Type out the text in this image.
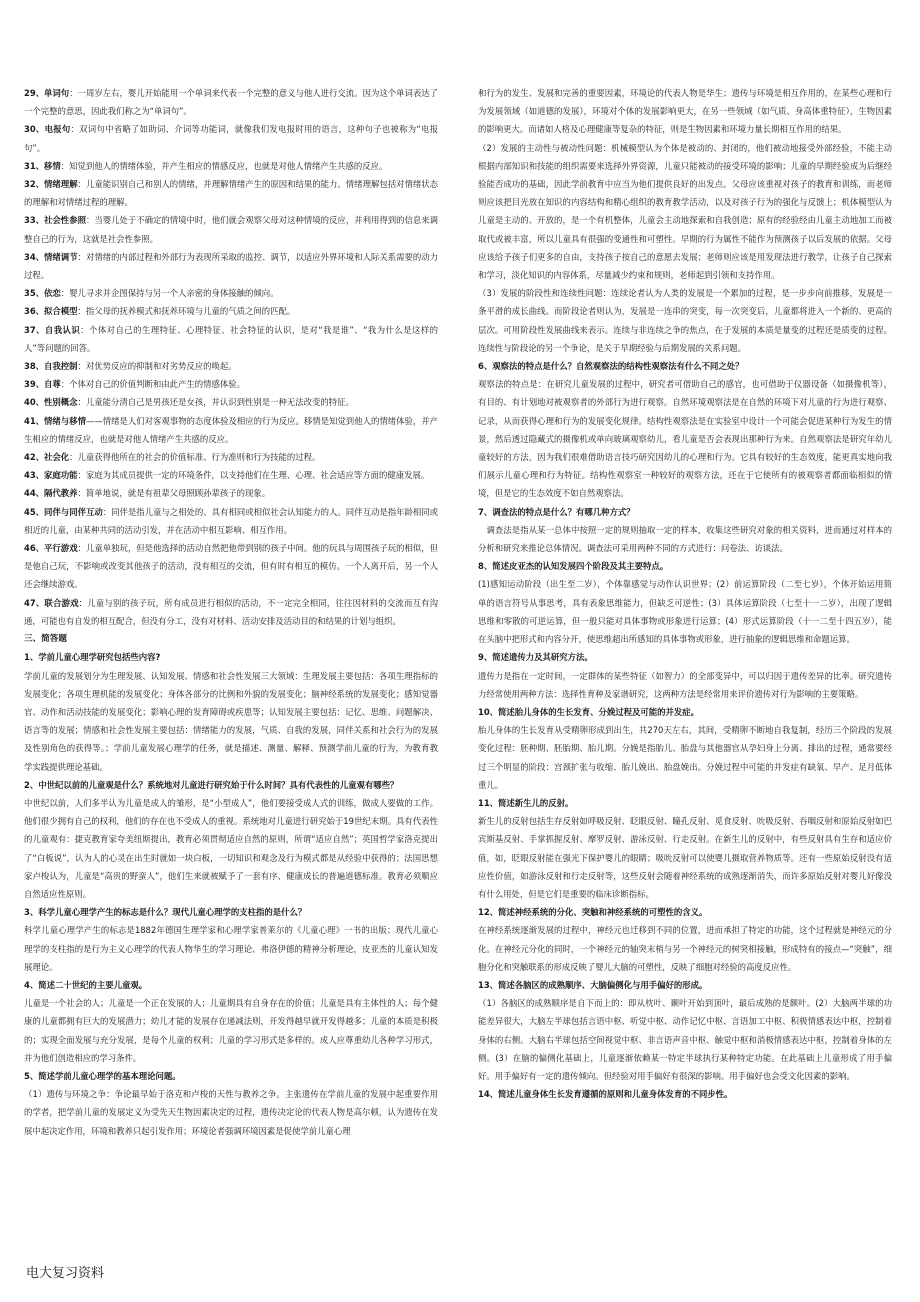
29、单词句：一周岁左右，婴儿开始能用一个单词来代表一个完整的意义与他人进行交流。因为这个单词表达了一个完整的意思，因此我们称之为“单词句”。

30、电报句：双词句中省略了如助词、介词等功能词，就像我们发电报时用的语言，这种句子也被称为“电报句”。

31、移情：知觉到他人的情绪体验，并产生相应的情感反应，也就是对他人情绪产生共感的反应。

32、情绪理解：儿童能识别自己和别人的情绪，并理解情绪产生的原因和结果的能力。情绪理解包括对情绪状态的理解和对情绪过程的理解。

33、社会性参照：当婴儿处于不确定的情境中时，他们就会观察父母对这种情境的反应，并利用得到的信息来调整自己的行为，这就是社会性参照。

34、情绪调节：对情绪的内部过程和外部行为表现所采取的监控、调节，以适应外界环境和人际关系需要的动力过程。

35、依恋：婴儿寻求并企图保持与另一个人亲密的身体接触的倾向。

36、拟合模型：指父母的抚养模式和抚养环境与儿童的气质之间的匹配。

37、自我认识：个体对自己的生理特征、心理特征、社会特征的认识，是对“我是谁”、“我为什么是这样的人”等问题的回答。

38、自我控制：对优势反应的抑制和对劣势反应的唤起。

39、自尊：个体对自己的价值判断和由此产生的情感体验。

40、性别概念：儿童能分清自己是男孩还是女孩，并认识到性别是一种无法改变的特征。

41、情绪与移情——情绪是人们对客观事物的态度体验及相应的行为反应。移情是知觉到他人的情绪体验，并产生相应的情绪反应，也就是对他人情绪产生共感的反应。

42、社会化：儿童获得他所在的社会的价值标准、行为准则和行为技能的过程。

43、家庭功能：家庭为其成员提供一定的环境条件，以支持他们在生理、心理、社会适应等方面的健康发展。

44、隔代教养：简单地说，就是有祖辈父母照顾孙辈孩子的现象。

45、同伴与同伴互动：同伴是指儿童与之相处的、具有相同或相似社会认知能力的人。同伴互动是指年龄相同或相近的儿童，由某种共同的活动引发，并在活动中相互影响、相互作用。

46、平行游戏：儿童单独玩，但是他选择的活动自然把他带到别的孩子中间。他的玩具与周围孩子玩的相似，但是他自己玩，不影响或改变其他孩子的活动，没有相互的交流，但有时有相互的模仿。一个人离开后，另一个人还会继续游戏。

47、联合游戏：儿童与别的孩子玩，所有成员进行相似的活动，不一定完全相同，往往因材料的交流而互有沟通，可能也有自发的相互配合，但没有分工，没有对材料、活动安排及活动目的和结果的计划与组织。

三、简答题

1、学前儿童心理学研究包括些内容?

学前儿童的发展划分为生理发展、认知发展、情感和社会性发展三大领域：生理发展主要包括：各项生理指标的发展变化；各项生理机能的发展变化；身体各部分的比例和外貌的发展变化；脑神经系统的发展变化；感知觉器官、动作和活动技能的发展变化；影响心理的发育障碍或疾患等；认知发展主要包括：记忆、思维、问题解决、语言等的发展；情感和社会性发展主要包括：情绪能力的发展，气质、自我的发展，同伴关系和社会行为的发展及性别角色的获得等。；学前儿童发展心理学的任务，就是描述、测量、解释、预测学前儿童的行为，为教育教学实践提供理论基础。

2、中世纪以前的儿童观是什么？系统地对儿童进行研究始于什么时间？具有代表性的儿童观有哪些？

中世纪以前，人们多半认为儿童是成人的雏形，是“小型成人”，他们要接受成人式的训练，做成人要做的工作。他们很少拥有自己的权利，他们的存在也不受成人的重视。系统地对儿童进行研究始于19世纪末期。具有代表性的儿童观有：捷克教育家夸美纽斯提出，教育必须贯彻适应自然的原则，所谓“适应自然”；英国哲学家洛克提出了“白板说”，认为人的心灵在出生时就如一块白板，一切知识和观念及行为模式都是从经验中获得的；法国思想家卢梭认为，儿童是“高贵的野蛮人”，他们生来就被赋予了一套有序、健康成长的普遍道德标准。教育必须顺应自然适应性原则。

3、科学儿童心理学产生的标志是什么？现代儿童心理学的支柱指的是什么？

科学儿童心理学产生的标志是1882年德国生理学家和心理学家普莱尔的《儿童心理》一书的出版；现代儿童心理学的支柱指的是行为主义心理学的代表人物华生的学习理论、弗洛伊德的精神分析理论，皮亚杰的儿童认知发展理论。

4、简述二十世纪的主要儿童观。

儿童是一个社会的人；儿童是一个正在发展的人；儿童期具有自身存在的价值；儿童是具有主体性的人；每个健康的儿童都拥有巨大的发展潜力；幼儿才能的发展存在递减法则，开发得越早就开发得越多；儿童的本质是积极的；实现全面发展与充分发展，是每个儿童的权利；儿童的学习形式是多样的。成人应尊重幼儿各种学习形式，并为他们创造相应的学习条件。

5、简述学前儿童心理学的基本理论问题。

（1）遗传与环境之争：争论最早始于洛克和卢梭的天性与教养之争。主张遗传在学前儿童的发展中起重要作用的学者，把学前儿童的发展定义为受先天生物因素决定的过程，遗传决定论的代表人物是高尔顿，认为遗传在发展中起决定作用，环境和教养只起引发作用；环境论者强调环境因素是促使学前儿童心理

和行为的发生、发展和完善的重要因素，环境论的代表人物是华生；遗传与环境是相互作用的，在某些心理和行为发展领域（如道德的发展），环境对个体的发展影响更大，在另一些领域（如气质、身高体重特征），生物因素的影响更大。而诸如人格及心理健康等复杂的特征，则是生物因素和环境力量长期相互作用的结果。

（2）发展的主动性与被动性问题：机械模型认为个体是被动的、封闭的，他们被动地接受外部经验，不能主动根据内部知识和技能的组织需要来选择外界资源，儿童只能被动的接受环境的影响；儿童的早期经验成为后继经验能否成功的基础，因此学前教育中应当为他们提供良好的出发点。父母应该重视对孩子的教育和训练，而老师则应该把目光放在知识的内容结构和精心组织的教育教学活动，以及对孩子行为的强化与反馈上；机体模型认为儿童是主动的、开放的，是一个有机整体，儿童会主动地探索和自我创造；原有的经验经由儿童主动地加工而被取代或被丰富，所以儿童具有很强的变通性和可塑性。早期的行为属性不能作为预测孩子以后发展的依据。父母应该给予孩子们更多的自由，支持孩子按自己的意愿去发展；老师则应该是用发现法进行教学，让孩子自己探索和学习，淡化知识的内容体系，尽量减少约束和规则，老师起到引领和支持作用。

（3）发展的阶段性和连续性问题：连续论者认为人类的发展是一个累加的过程，是一步步向前推移，发展是一条平滑的成长曲线。而阶段论者则认为，发展是一连串的突变，每一次突变后，儿童都将进入一个新的、更高的层次。可用阶段性发展曲线来表示。连续与非连续之争的焦点，在于发展的本质是量变的过程还是质变的过程。连续性与阶段论的另一个争论，是关于早期经验与后期发展的关系问题。

6、观察法的特点是什么？自然观察法的结构性观察法有什么不同之处？

观察法的特点是：在研究儿童发展的过程中，研究者可借助自己的感官，也可借助于仪器设备（如摄像机等），有目的、有计划地对被观察者的外部行为进行观察。自然环境观察法是在自然的环境下对儿童的行为进行观察、记录，从而获得心理和行为的发展变化规律。结构性观察法是在实验室中设计一个可能会促进某种行为发生的情景，然后透过隐藏式的摄像机或单向玻璃观察幼儿，看儿童是否会表现出那种行为来。自然观察法是研究年幼儿童较好的方法，因为我们很难借助语言技巧研究因幼儿的心理和行为。它具有较好的生态效度，能更真实地向我们展示儿童心理和行为特征。结构性观察室一种较好的观察方法，还在于它使所有的被观察者都面临相似的情境，但是它的生态效度不如自然观察法。

7、调查法的特点是什么？有哪几种方式？

　调查法是指从某一总体中按照一定的规则抽取一定的样本，收集这些研究对象的相关资料，进而通过对样本的分析和研究来推论总体情况。调查法可采用两种不同的方式进行：问卷法、访谈法。

8、简述皮亚杰的认知发展四个阶段及其主要特点。

(1)感知运动阶段（出生至二岁），个体靠感觉与动作认识世界；(2）前运算阶段（二至七岁），个体开始运用简单的语言符号从事思考，具有表象思维能力，但缺乏可逆性；(3）具体运算阶段（七至十一二岁），出现了逻辑思维和零散的可逆运算，但一般只能对具体事物或形象进行运算；(4）形式运算阶段（十一二至十四五岁），能在头脑中把形式和内容分开，使思维超出所感知的具体事物或形象，进行抽象的逻辑思维和命题运算。

9、简述遗传力及其研究方法。

遗传力是指在一定时间，一定群体的某些特征（如智力）的全部变异中，可以归因于遗传差异的比率。研究遗传力经常使用两种方法：选择性育种及家谱研究，这两种方法是经常用来评价遗传对行为影响的主要策略。

10、简述胎儿身体的生长发育、分娩过程及可能的并发症。

胎儿身体的生长发育从受精卵形成到出生，共270天左右，其间，受精卵不断地自我复制，经历三个阶段的发展变化过程：胚种期、胚胎期、胎儿期。分娩是指胎儿、胎盘与其他器官从孕妇身上分离、排出的过程，通常要经过三个明显的阶段：宫颈扩张与收缩、胎儿娩出、胎盘娩出。分娩过程中可能的并发症有缺氧、早产、足月低体重儿。

11、简述新生儿的反射。

新生儿的反射包括生存反射如呼吸反射、眨眼反射、瞳孔反射、觅食反射、吮吸反射、吞咽反射和原始反射如巴宾斯基反射、手掌抓握反射、摩罗反射、游泳反射、行走反射。在新生儿的反射中，有些反射具有生存和适应价值，如，眨眼反射能在强光下保护婴儿的眼睛；吸吮反射可以使婴儿摄取营养物质等。还有一些原始反射没有适应性价值，如游泳反射和行走反射等，这些反射会随着神经系统的成熟逐渐消失，而许多原始反射对婴儿好像没有什么用处，但是它们是重要的临床诊断指标。

12、简述神经系统的分化、突触和神经系统的可塑性的含义。

在神经系统逐渐发展的过程中，神经元也迁移到不同的位置，进而承担了特定的功能，这个过程就是神经元的分化。在神经元分化的同时，一个神经元的轴突末梢与另一个神经元的树突相接触，形成特有的接点—“突触”，细胞分化和突触联系的形成反映了婴儿大脑的可塑性，反映了细胞对经验的高度反应性。

13、简述各脑区的成熟顺序、大脑偏侧化与用手偏好的形成。

（1）各脑区的成熟顺序是自下而上的：即从枕叶、颞叶开始到顶叶，最后成熟的是额叶。(2）大脑两半球的功能差异很大，大脑左半球包括言语中枢、听觉中枢、动作记忆中枢、言语加工中枢、积极情感表达中枢，控制着身体的右侧。大脑右半球包括空间视觉中枢、非言语声音中枢、触觉中枢和消极情感表达中枢，控制着身体的左侧。(3）在脑的偏侧化基础上，儿童逐渐依赖某一特定半球执行某种特定功能。在此基础上儿童形成了用手偏好。用手偏好有一定的遗传倾向。但经验对用手偏好有很深的影响。用手偏好也会受文化因素的影响。

14、简述儿童身体生长发育遵循的原则和儿童身体发育的不同步性。

电大复习资料
